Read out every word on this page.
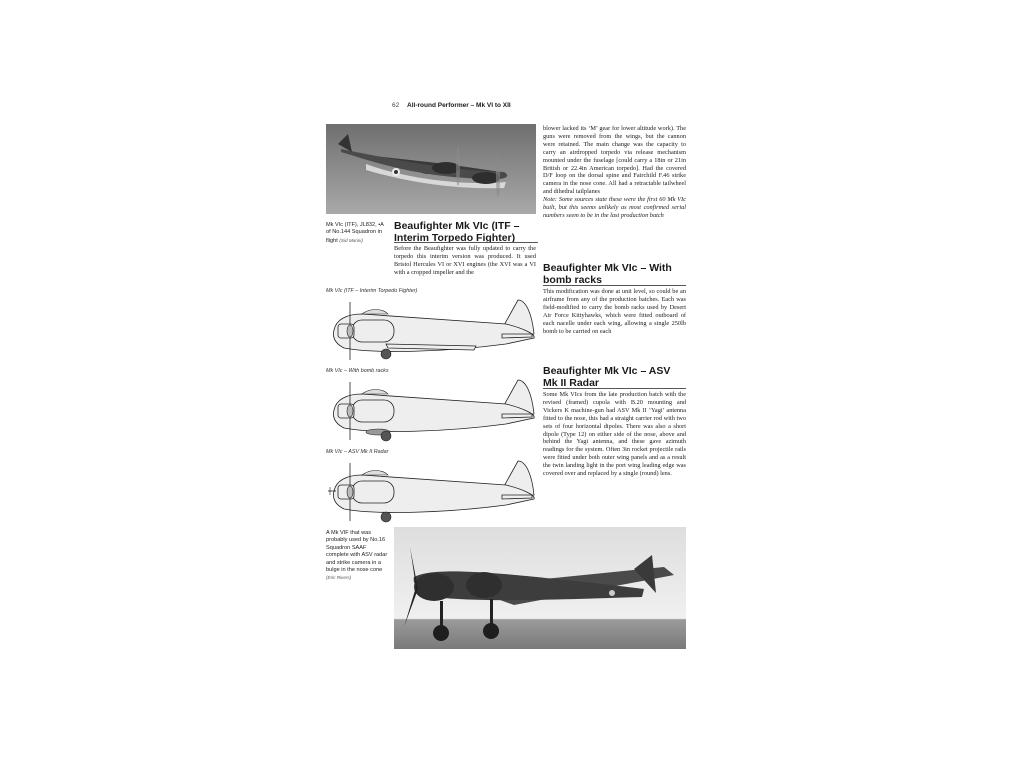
62 All-round Performer – Mk VI to XII
Mk VIc (ITF), JL832, •A of No.144 Squadron in flight (Sid Marini)
Beaufighter Mk VIc (ITF – Interim Torpedo Fighter)

Before the Beaufighter was fully updated to carry the torpedo this interim version was produced. It used Bristol Hercules VI or XVI engines (the XVI was a VI with a cropped impeller and the

blower lacked its ‘M’ gear for lower altitude work). The guns were removed from the wings, but the cannon were retained. The main change was the capacity to carry an airdropped torpedo via release mechanism mounted under the fuselage [could carry a 18in or 21in British or 22.4in American torpedo]. Had the covered D/F loop on the dorsal spine and Fairchild F.46 strike camera in the nose cone. All had a retractable tailwheel and dihedral tailplanes

Note: Some sources state these were the first 60 Mk VIc built, but this seems unlikely as most confirmed serial numbers seem to be in the last production batch

Beaufighter Mk VIc – With bomb racks

This modification was done at unit level, so could be an airframe from any of the production batches. Each was field-modified to carry the bomb racks used by Desert Air Force Kittyhawks, which were fitted outboard of each nacelle under each wing, allowing a single 250lb bomb to be carried on each

Beaufighter Mk VIc – ASV Mk II Radar

Some Mk VIcs from the late production batch with the revised (framed) cupola with B.20 mounting and Vickers K machine-gun had ASV Mk II ‘Yagi’ antenna fitted to the nose, this had a straight carrier rod with two sets of four horizontal dipoles. There was also a short dipole (Type 12) on either side of the nose, above and behind the Yagi antenna, and these gave azimuth readings for the system. Often 3in rocket projectile rails were fitted under both outer wing panels and as a result the twin landing light in the port wing leading edge was covered over and replaced by a single (round) lens.

Mk VIc (ITF – Interim Torpedo Fighter)
Mk VIc – With bomb racks
Mk VIc – ASV Mk II Radar
A Mk VIF that was probably used by No.16 Squadron SAAF complete with ASV radar and strike camera in a bulge in the nose cone (Eric Rivers)
